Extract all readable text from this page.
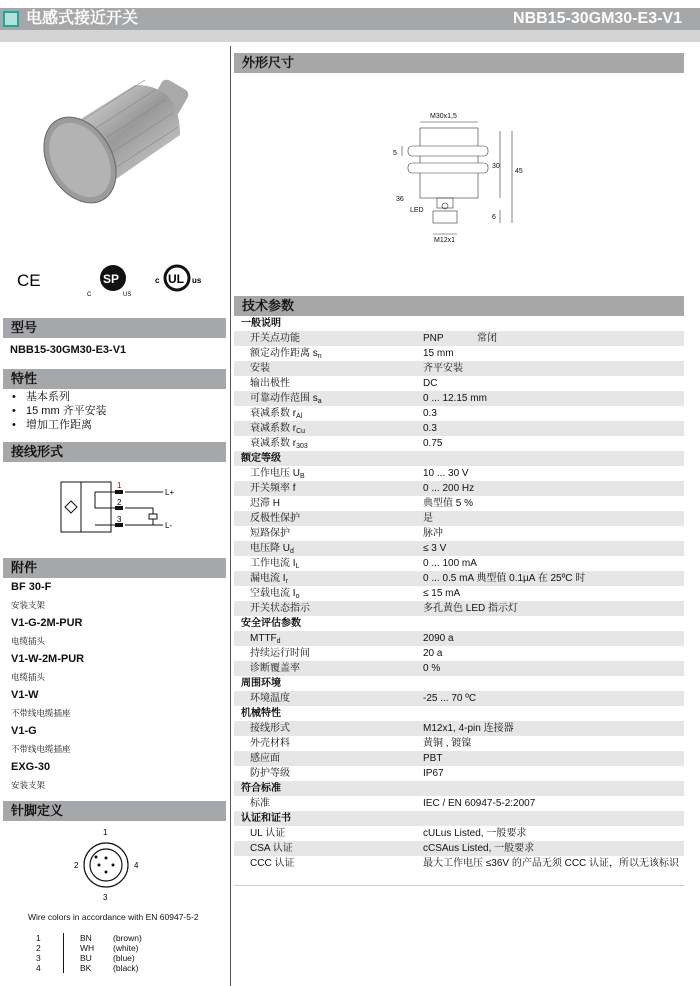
电感式接近开关	NBB15-30GM30-E3-V1
CE	SP
C	US
UL
c	us
型号
NBB15-30GM30-E3-V1
特性
• 基本系列
• 15 mm 齐平安装
• 增加工作距离
接线形式
1
2
3
L+
L-
附件
BF 30-F
安装支架
V1-G-2M-PUR
电缆插头
V1-W-2M-PUR
电缆插头
V1-W
不带线电缆插座
V1-G
不带线电缆插座
EXG-30
安装支架
针脚定义
1
2
3
4
Wire colors in accordance with EN 60947-5-2
1		BN	(brown)
2		WH	(white)
3		BU	(blue)
4		BK	(black)
外形尺寸
M30x1,5
M12x1
5
30
45
6
36
LED
技术参数
一般说明
开关点功能	PNP	常闭
额定动作距离 $s_n$	15 mm
安装	齐平安装
输出极性	DC
可靠动作范围 $s_a$	0 ... 12.15 mm
衰减系数 $r_{Al}$	0.3
衰减系数 $r_{Cu}$	0.3
衰减系数 $r_{303}$	0.75
额定等级
工作电压 $U_B$	10 ... 30 V
开关频率 f	0 ... 200 Hz
迟滞 H	典型值 5 %
反极性保护	是
短路保护	脉冲
电压降 $U_d$	≤ 3 V
工作电流 $I_L$	0 ... 100 mA
漏电流 $I_r$	0 ... 0.5 mA 典型值 0.1µA 在 25ºC 时
空载电流 $I_o$	≤ 15 mA
开关状态指示	多孔黄色 LED 指示灯
安全评估参数
$MTTF_d$	2090 a
持续运行时间	20 a
诊断覆盖率	0 %
周围环境
环境温度	-25 ... 70 ºC
机械特性
接线形式	M12x1, 4-pin 连接器
外壳材料	黄铜 , 镀镍
感应面	PBT
防护等级	IP67
符合标准
标准	IEC / EN 60947-5-2:2007
认证和证书
UL 认证	cULus Listed, 一般要求
CSA 认证	cCSAus Listed, 一般要求
CCC 认证	最大工作电压 ≤36V 的产品无须 CCC 认证，所以无该标识
